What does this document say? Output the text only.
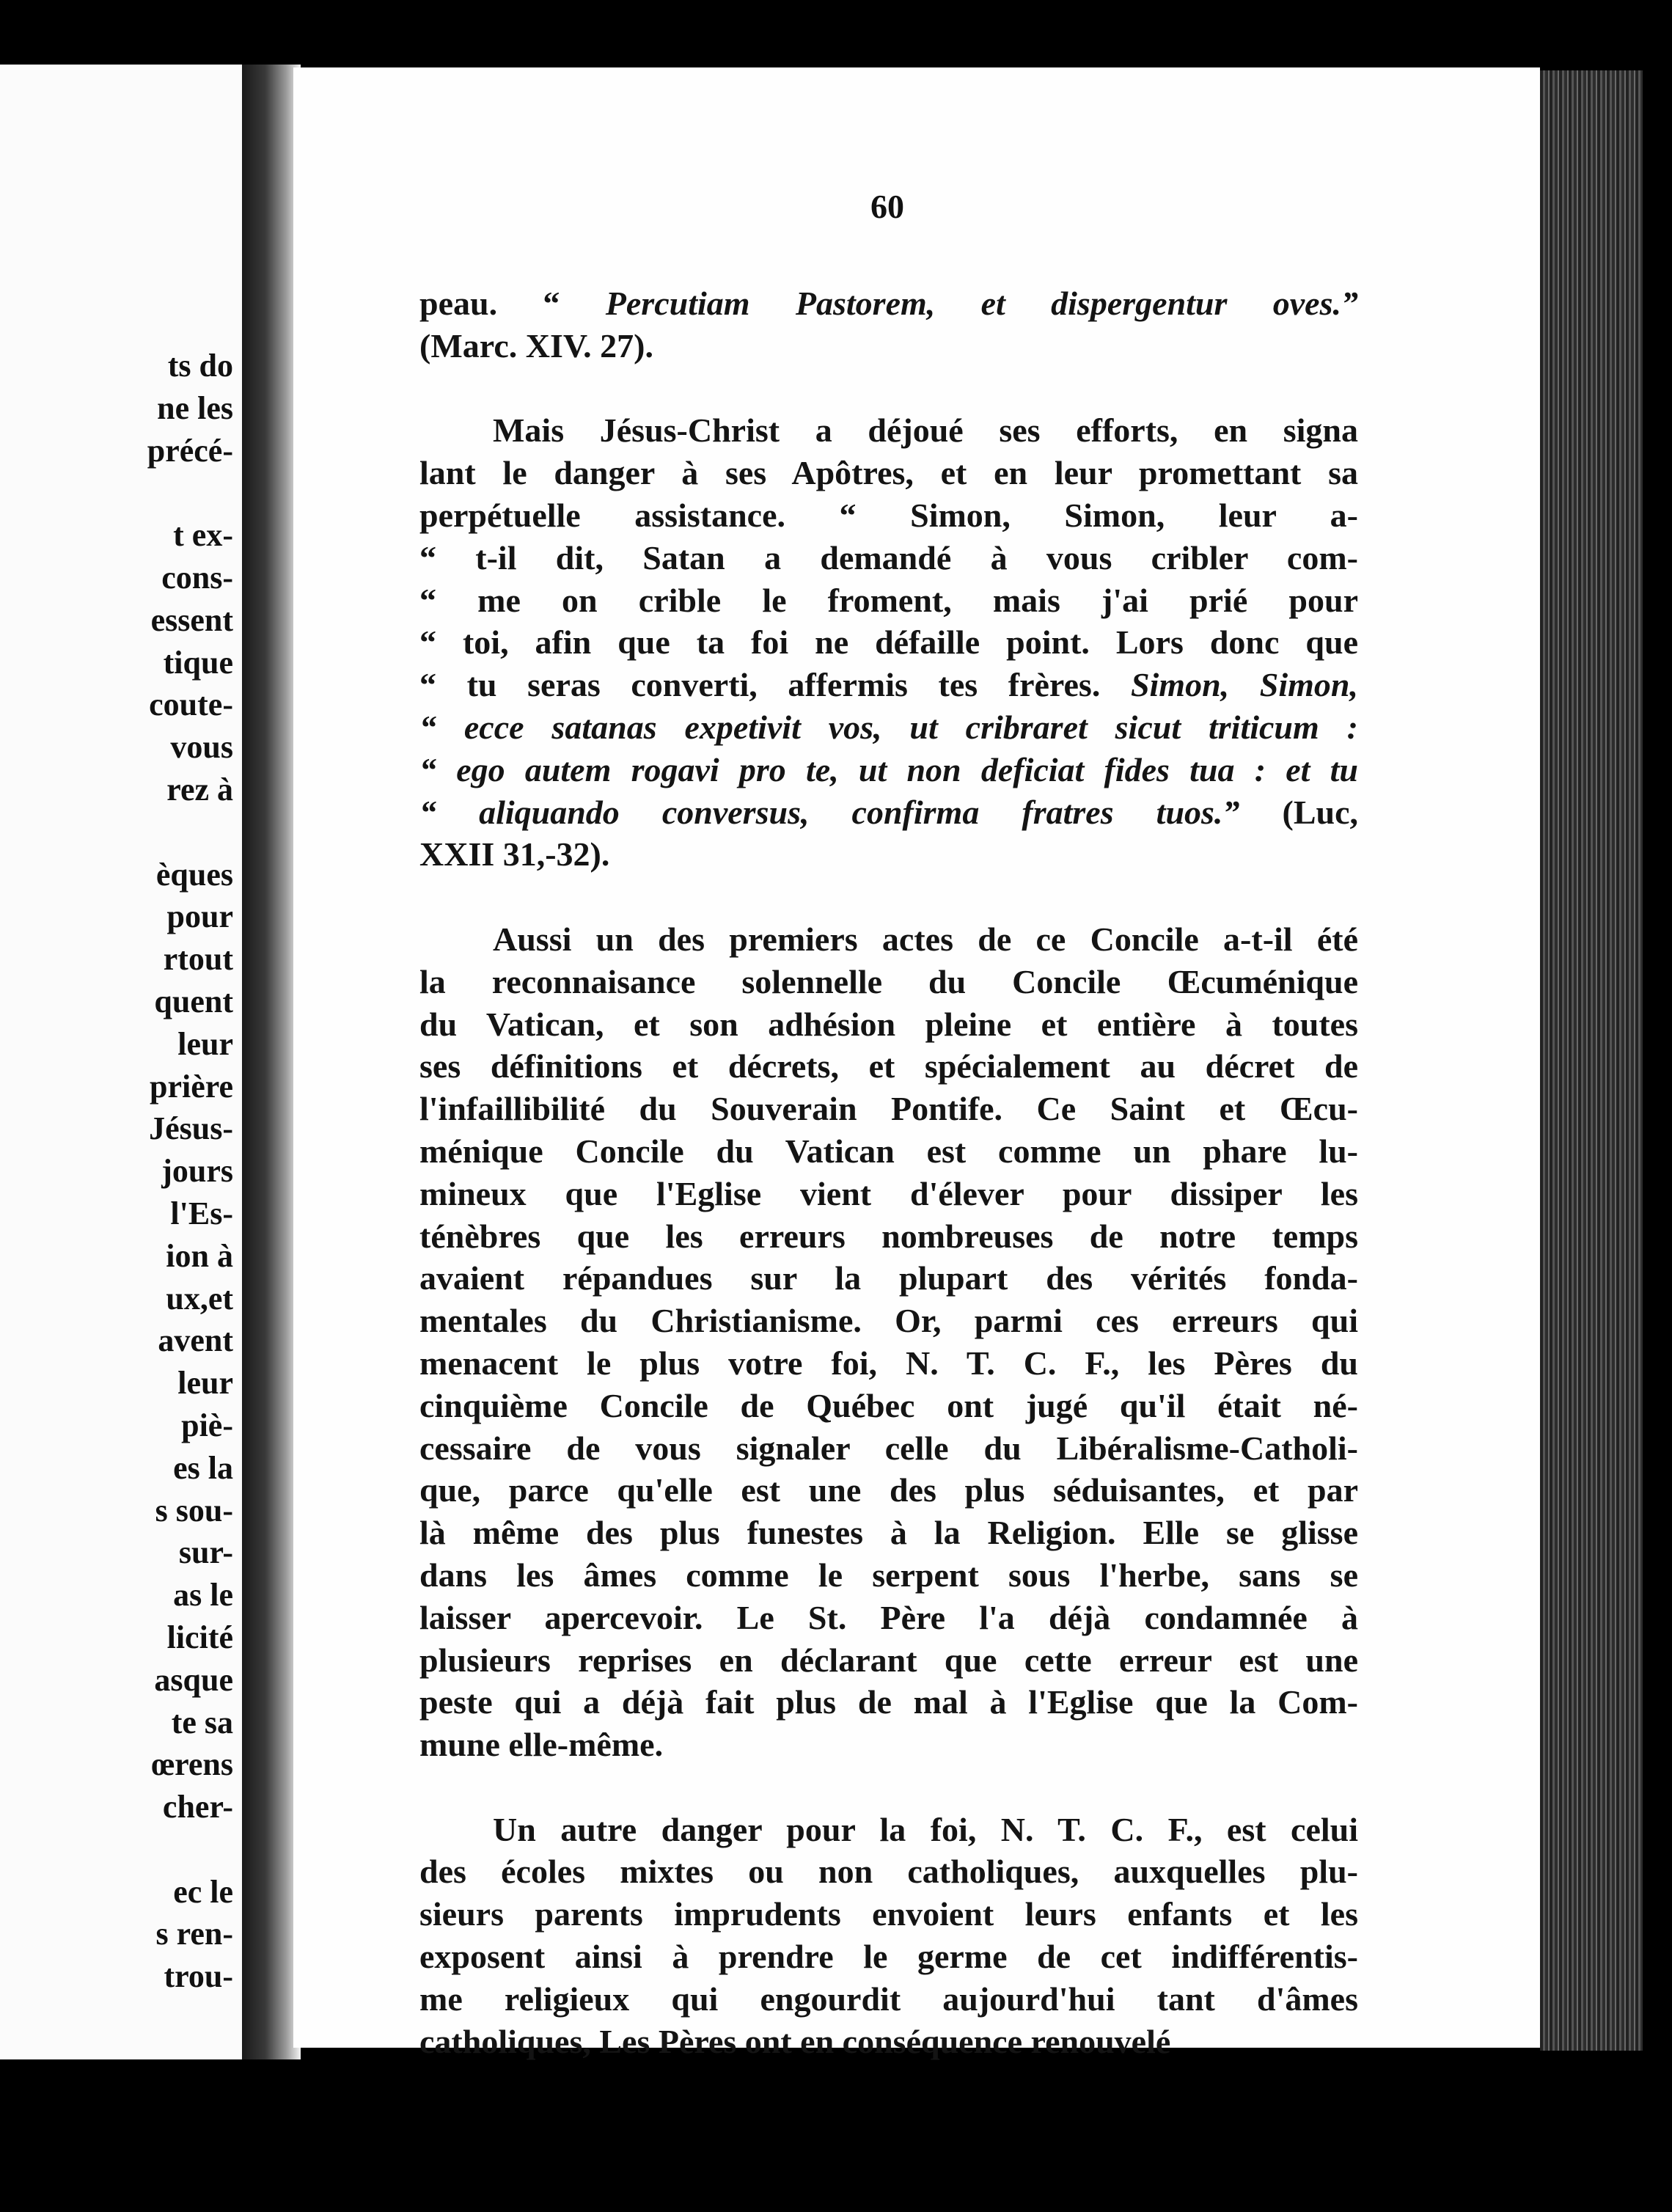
ts do
ne les
précé-
t ex-
cons-
essent
tique
coute-
vous
rez à
èques
pour
rtout
quent
leur
prière
Jésus-
jours
l'Es-
ion à
ux,et
avent
leur
piè-
es la
s sou-
sur-
as le
licité
asque
te sa
œrens
cher-
ec le
s ren-
trou-
60
peau. “ Percutiam Pastorem, et dispergentur oves.”
(Marc. XIV. 27).
Mais Jésus-Christ a déjoué ses efforts, en signa
lant le danger à ses Apôtres, et en leur promettant sa
perpétuelle assistance. “ Simon, Simon, leur a-
“ t-il dit, Satan a demandé à vous cribler com-
“ me on crible le froment, mais j'ai prié pour
“ toi, afin que ta foi ne défaille point. Lors donc que
“ tu seras converti, affermis tes frères. Simon, Simon,
“ ecce satanas expetivit vos, ut cribraret sicut triticum :
“ ego autem rogavi pro te, ut non deficiat fides tua : et tu
“ aliquando conversus, confirma fratres tuos.” (Luc,
XXII 31,-32).
Aussi un des premiers actes de ce Concile a-t-il été
la reconnaisance solennelle du Concile Œcuménique
du Vatican, et son adhésion pleine et entière à toutes
ses définitions et décrets, et spécialement au décret de
l'infaillibilité du Souverain Pontife. Ce Saint et Œcu-
ménique Concile du Vatican est comme un phare lu-
mineux que l'Eglise vient d'élever pour dissiper les
ténèbres que les erreurs nombreuses de notre temps
avaient répandues sur la plupart des vérités fonda-
mentales du Christianisme. Or, parmi ces erreurs qui
menacent le plus votre foi, N. T. C. F., les Pères du
cinquième Concile de Québec ont jugé qu'il était né-
cessaire de vous signaler celle du Libéralisme-Catholi-
que, parce qu'elle est une des plus séduisantes, et par
là même des plus funestes à la Religion. Elle se glisse
dans les âmes comme le serpent sous l'herbe, sans se
laisser apercevoir. Le St. Père l'a déjà condamnée à
plusieurs reprises en déclarant que cette erreur est une
peste qui a déjà fait plus de mal à l'Eglise que la Com-
mune elle-même.
Un autre danger pour la foi, N. T. C. F., est celui
des écoles mixtes ou non catholiques, auxquelles plu-
sieurs parents imprudents envoient leurs enfants et les
exposent ainsi à prendre le germe de cet indifférentis-
me religieux qui engourdit aujourd'hui tant d'âmes
catholiques, Les Pères ont en conséquence renouvelé
